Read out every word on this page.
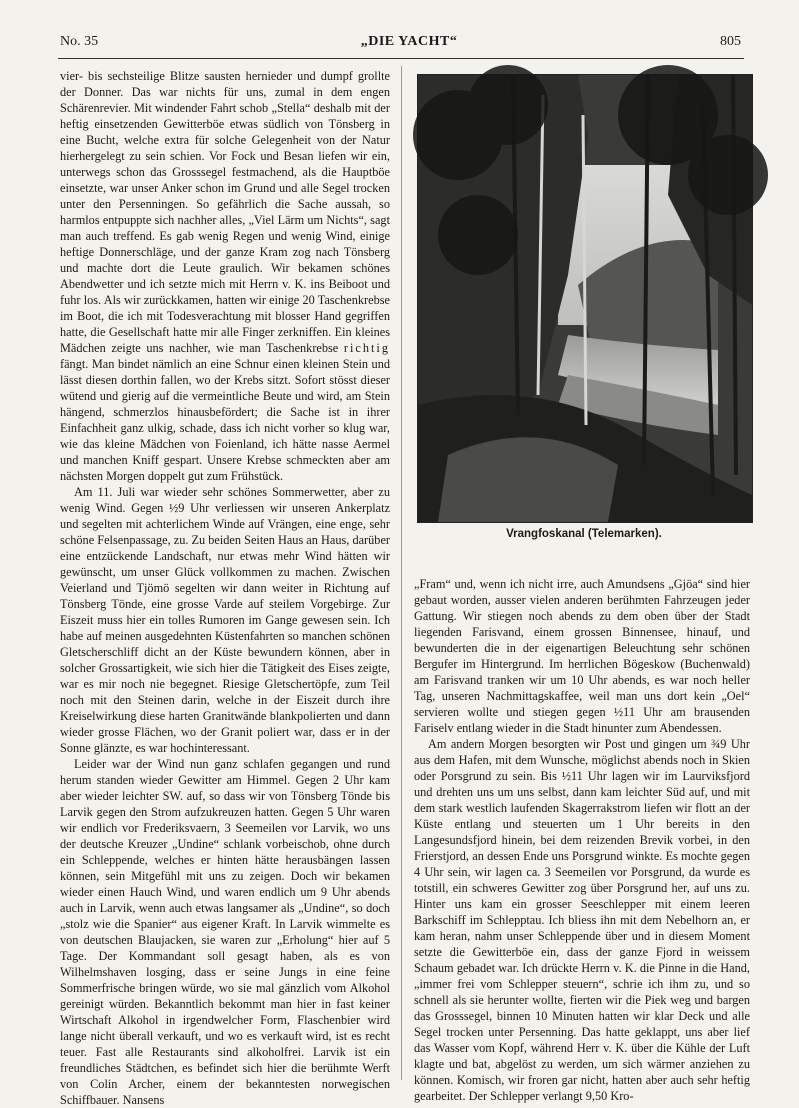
No. 35	„DIE YACHT“	805

vier- bis sechsteilige Blitze sausten hernieder und dumpf grollte der Donner. Das war nichts für uns, zumal in dem engen Schärenrevier. Mit windender Fahrt schob „Stella“ deshalb mit der heftig einsetzenden Gewitterböe etwas südlich von Tönsberg in eine Bucht, welche extra für solche Gelegenheit von der Natur hierhergelegt zu sein schien. Vor Fock und Besan liefen wir ein, unterwegs schon das Grosssegel festmachend, als die Hauptböe einsetzte, war unser Anker schon im Grund und alle Segel trocken unter den Persenningen. So gefährlich die Sache aussah, so harmlos entpuppte sich nachher alles, „Viel Lärm um Nichts“, sagt man auch treffend. Es gab wenig Regen und wenig Wind, einige heftige Donnerschläge, und der ganze Kram zog nach Tönsberg und machte dort die Leute graulich. Wir bekamen schönes Abendwetter und ich setzte mich mit Herrn v. K. ins Beiboot und fuhr los. Als wir zurückkamen, hatten wir einige 20 Taschenkrebse im Boot, die ich mit Todesverachtung mit blosser Hand gegriffen hatte, die Gesellschaft hatte mir alle Finger zerkniffen. Ein kleines Mädchen zeigte uns nachher, wie man Taschenkrebse richtig fängt. Man bindet nämlich an eine Schnur einen kleinen Stein und lässt diesen dorthin fallen, wo der Krebs sitzt. Sofort stösst dieser wütend und gierig auf die vermeintliche Beute und wird, am Stein hängend, schmerzlos hinausbefördert; die Sache ist in ihrer Einfachheit ganz ulkig, schade, dass ich nicht vorher so klug war, wie das kleine Mädchen von Foienland, ich hätte nasse Aermel und manchen Kniff gespart. Unsere Krebse schmeckten aber am nächsten Morgen doppelt gut zum Frühstück.

Am 11. Juli war wieder sehr schönes Sommerwetter, aber zu wenig Wind. Gegen ½9 Uhr verliessen wir unseren Ankerplatz und segelten mit achterlichem Winde auf Vrängen, eine enge, sehr schöne Felsenpassage, zu. Zu beiden Seiten Haus an Haus, darüber eine entzückende Landschaft, nur etwas mehr Wind hätten wir gewünscht, um unser Glück vollkommen zu machen. Zwischen Veierland und Tjömö segelten wir dann weiter in Richtung auf Tönsberg Tönde, eine grosse Varde auf steilem Vorgebirge. Zur Eiszeit muss hier ein tolles Rumoren im Gange gewesen sein. Ich habe auf meinen ausgedehnten Küstenfahrten so manchen schönen Gletscherschliff dicht an der Küste bewundern können, aber in solcher Grossartigkeit, wie sich hier die Tätigkeit des Eises zeigte, war es mir noch nie begegnet. Riesige Gletschertöpfe, zum Teil noch mit den Steinen darin, welche in der Eiszeit durch ihre Kreiselwirkung diese harten Granitwände blankpolierten und dann wieder grosse Flächen, wo der Granit poliert war, dass er in der Sonne glänzte, es war hochinteressant.

Leider war der Wind nun ganz schlafen gegangen und rund herum standen wieder Gewitter am Himmel. Gegen 2 Uhr kam aber wieder leichter SW. auf, so dass wir von Tönsberg Tönde bis Larvik gegen den Strom aufzukreuzen hatten. Gegen 5 Uhr waren wir endlich vor Frederiksvaern, 3 Seemeilen vor Larvik, wo uns der deutsche Kreuzer „Undine“ schlank vorbeischob, ohne durch ein Schleppende, welches er hinten hätte herausbängen lassen können, sein Mitgefühl mit uns zu zeigen. Doch wir bekamen wieder einen Hauch Wind, und waren endlich um 9 Uhr abends auch in Larvik, wenn auch etwas langsamer als „Undine“, so doch „stolz wie die Spanier“ aus eigener Kraft. In Larvik wimmelte es von deutschen Blaujacken, sie waren zur „Erholung“ hier auf 5 Tage. Der Kommandant soll gesagt haben, als es von Wilhelmshaven losging, dass er seine Jungs in eine feine Sommerfrische bringen würde, wo sie mal gänzlich vom Alkohol gereinigt würden. Bekanntlich bekommt man hier in fast keiner Wirtschaft Alkohol in irgendwelcher Form, Flaschenbier wird lange nicht überall verkauft, und wo es verkauft wird, ist es recht teuer. Fast alle Restaurants sind alkoholfrei. Larvik ist ein freundliches Städtchen, es befindet sich hier die berühmte Werft von Colin Archer, einem der bekanntesten norwegischen Schiffbauer. Nansens

Vrangfoskanal (Telemarken).

„Fram“ und, wenn ich nicht irre, auch Amundsens „Gjöa“ sind hier gebaut worden, ausser vielen anderen berühmten Fahrzeugen jeder Gattung. Wir stiegen noch abends zu dem oben über der Stadt liegenden Farisvand, einem grossen Binnensee, hinauf, und bewunderten die in der eigenartigen Beleuchtung sehr schönen Bergufer im Hintergrund. Im herrlichen Bögeskow (Buchenwald) am Farisvand tranken wir um 10 Uhr abends, es war noch heller Tag, unseren Nachmittagskaffee, weil man uns dort kein „Oel“ servieren wollte und stiegen gegen ½11 Uhr am brausenden Fariselv entlang wieder in die Stadt hinunter zum Abendessen.

Am andern Morgen besorgten wir Post und gingen um ¾9 Uhr aus dem Hafen, mit dem Wunsche, möglichst abends noch in Skien oder Porsgrund zu sein. Bis ½11 Uhr lagen wir im Laurviksfjord und drehten uns um uns selbst, dann kam leichter Süd auf, und mit dem stark westlich laufenden Skagerrakstrom liefen wir flott an der Küste entlang und steuerten um 1 Uhr bereits in den Langesundsfjord hinein, bei dem reizenden Brevik vorbei, in den Frierstjord, an dessen Ende uns Porsgrund winkte. Es mochte gegen 4 Uhr sein, wir lagen ca. 3 Seemeilen vor Porsgrund, da wurde es totstill, ein schweres Gewitter zog über Porsgrund her, auf uns zu. Hinter uns kam ein grosser Seeschlepper mit einem leeren Barkschiff im Schlepptau. Ich bliess ihn mit dem Nebelhorn an, er kam heran, nahm unser Schleppende über und in diesem Moment setzte die Gewitterböe ein, dass der ganze Fjord in weissem Schaum gebadet war. Ich drückte Herrn v. K. die Pinne in die Hand, „immer frei vom Schlepper steuern“, schrie ich ihm zu, und so schnell als sie herunter wollte, fierten wir die Piek weg und bargen das Grosssegel, binnen 10 Minuten hatten wir klar Deck und alle Segel trocken unter Persenning. Das hatte geklappt, uns aber lief das Wasser vom Kopf, während Herr v. K. über die Kühle der Luft klagte und bat, abgelöst zu werden, um sich wärmer anziehen zu können. Komisch, wir froren gar nicht, hatten aber auch sehr heftig gearbeitet. Der Schlepper verlangt 9,50 Kro-
